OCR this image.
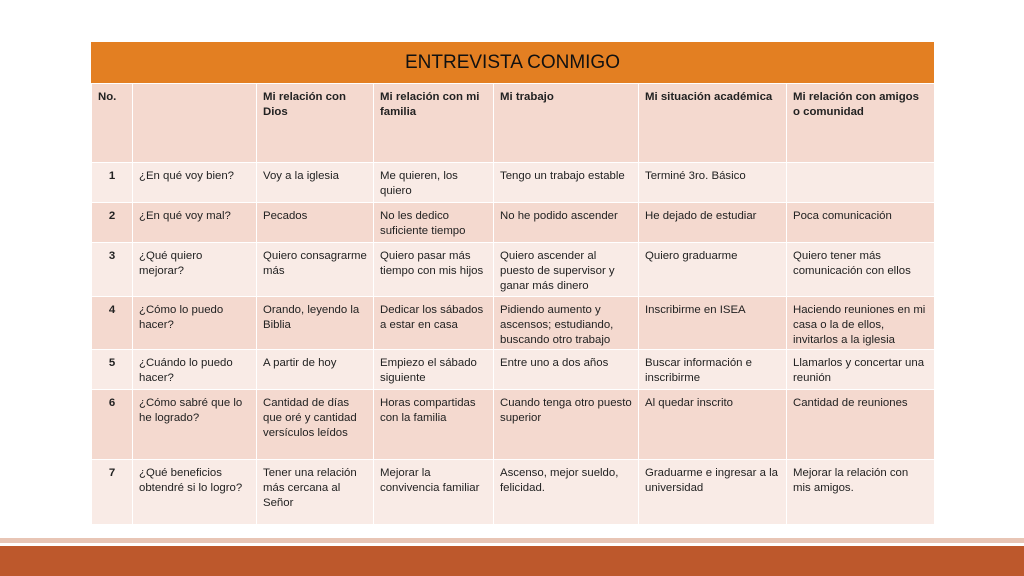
ENTREVISTA CONMIGO
No.		Mi relación con Dios	Mi relación con mi familia	Mi trabajo	Mi situación académica	Mi relación con amigos o comunidad
1	¿En qué voy bien?	Voy a la iglesia	Me quieren, los quiero	Tengo un trabajo estable	Terminé 3ro. Básico	
2	¿En qué voy mal?	Pecados	No les dedico suficiente tiempo	No he podido ascender	He dejado de estudiar	Poca comunicación
3	¿Qué quiero mejorar?	Quiero consagrarme más	Quiero pasar más tiempo con mis hijos	Quiero ascender al puesto de supervisor y ganar más dinero	Quiero graduarme	Quiero tener más comunicación con ellos
4	¿Cómo lo puedo hacer?	Orando, leyendo la Biblia	Dedicar los sábados a estar en casa	Pidiendo aumento y ascensos; estudiando, buscando otro trabajo	Inscribirme en ISEA	Haciendo reuniones en mi casa o la de ellos, invitarlos a la iglesia
5	¿Cuándo lo puedo hacer?	A partir de hoy	Empiezo el sábado siguiente	Entre uno a dos años	Buscar información e inscribirme	Llamarlos y concertar una reunión
6	¿Cómo sabré que lo he logrado?	Cantidad de días que oré y cantidad versículos leídos	Horas compartidas con la familia	Cuando tenga otro puesto superior	Al quedar inscrito	Cantidad de reuniones
7	¿Qué beneficios obtendré si lo logro?	Tener una relación más cercana al Señor	Mejorar la convivencia familiar	Ascenso, mejor sueldo, felicidad.	Graduarme e ingresar a la universidad	Mejorar la relación con mis amigos.
